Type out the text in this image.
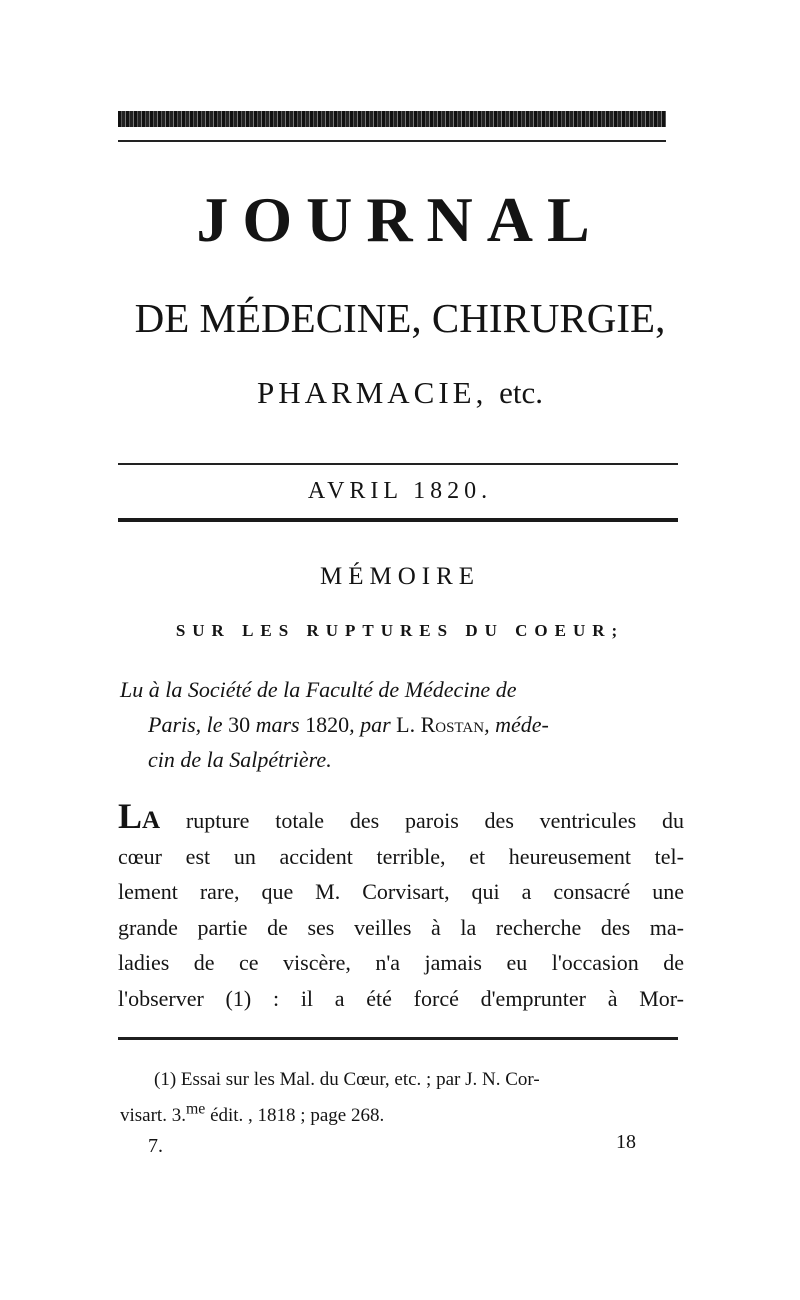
JOURNAL
DE MÉDECINE, CHIRURGIE,
PHARMACIE, etc.
AVRIL 1820.
MÉMOIRE
SUR LES RUPTURES DU COEUR;
Lu à la Société de la Faculté de Médecine de
Paris, le 30 mars 1820, par L. Rostan, méde-
cin de la Salpétrière.
La rupture totale des parois des ventricules du
cœur est un accident terrible, et heureusement tel-
lement rare, que M. Corvisart, qui a consacré une
grande partie de ses veilles à la recherche des ma-
ladies de ce viscère, n'a jamais eu l'occasion de
l'observer (1) : il a été forcé d'emprunter à Mor-
(1) Essai sur les Mal. du Cœur, etc. ; par J. N. Cor-
visart. 3.$^{me}$ édit. , 1818 ; page 268.
7.	18
